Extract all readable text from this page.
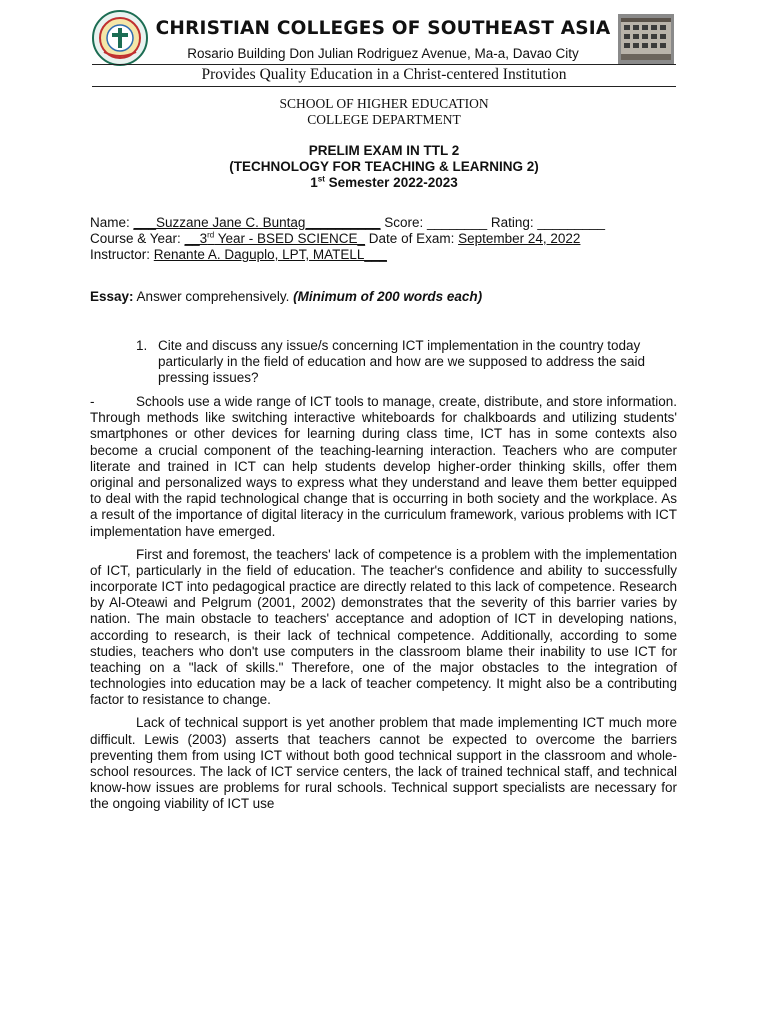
CHRISTIAN COLLEGES OF SOUTHEAST ASIA
Rosario Building Don Julian Rodriguez Avenue, Ma-a, Davao City
Provides Quality Education in a Christ-centered Institution
SCHOOL OF HIGHER EDUCATION
COLLEGE DEPARTMENT
PRELIM EXAM IN TTL 2
(TECHNOLOGY FOR TEACHING & LEARNING 2)
1st Semester 2022-2023
Name: ___Suzzane Jane C. Buntag__________ Score: ________ Rating: _________
Course & Year: __3rd Year - BSED SCIENCE_ Date of Exam: September 24, 2022
Instructor: Renante A. Daguplo, LPT, MATELL___
Essay: Answer comprehensively. (Minimum of 200 words each)
1. Cite and discuss any issue/s concerning ICT implementation in the country today particularly in the field of education and how are we supposed to address the said pressing issues?

-	Schools use a wide range of ICT tools to manage, create, distribute, and store information. Through methods like switching interactive whiteboards for chalkboards and utilizing students' smartphones or other devices for learning during class time, ICT has in some contexts also become a crucial component of the teaching-learning interaction. Teachers who are computer literate and trained in ICT can help students develop higher-order thinking skills, offer them original and personalized ways to express what they understand and leave them better equipped to deal with the rapid technological change that is occurring in both society and the workplace. As a result of the importance of digital literacy in the curriculum framework, various problems with ICT implementation have emerged.

First and foremost, the teachers' lack of competence is a problem with the implementation of ICT, particularly in the field of education. The teacher's confidence and ability to successfully incorporate ICT into pedagogical practice are directly related to this lack of competence. Research by Al-Oteawi and Pelgrum (2001, 2002) demonstrates that the severity of this barrier varies by nation. The main obstacle to teachers' acceptance and adoption of ICT in developing nations, according to research, is their lack of technical competence. Additionally, according to some studies, teachers who don't use computers in the classroom blame their inability to use ICT for teaching on a "lack of skills." Therefore, one of the major obstacles to the integration of technologies into education may be a lack of teacher competency. It might also be a contributing factor to resistance to change.

Lack of technical support is yet another problem that made implementing ICT much more difficult. Lewis (2003) asserts that teachers cannot be expected to overcome the barriers preventing them from using ICT without both good technical support in the classroom and whole-school resources. The lack of ICT service centers, the lack of trained technical staff, and technical know-how issues are problems for rural schools. Technical support specialists are necessary for the ongoing viability of ICT use
